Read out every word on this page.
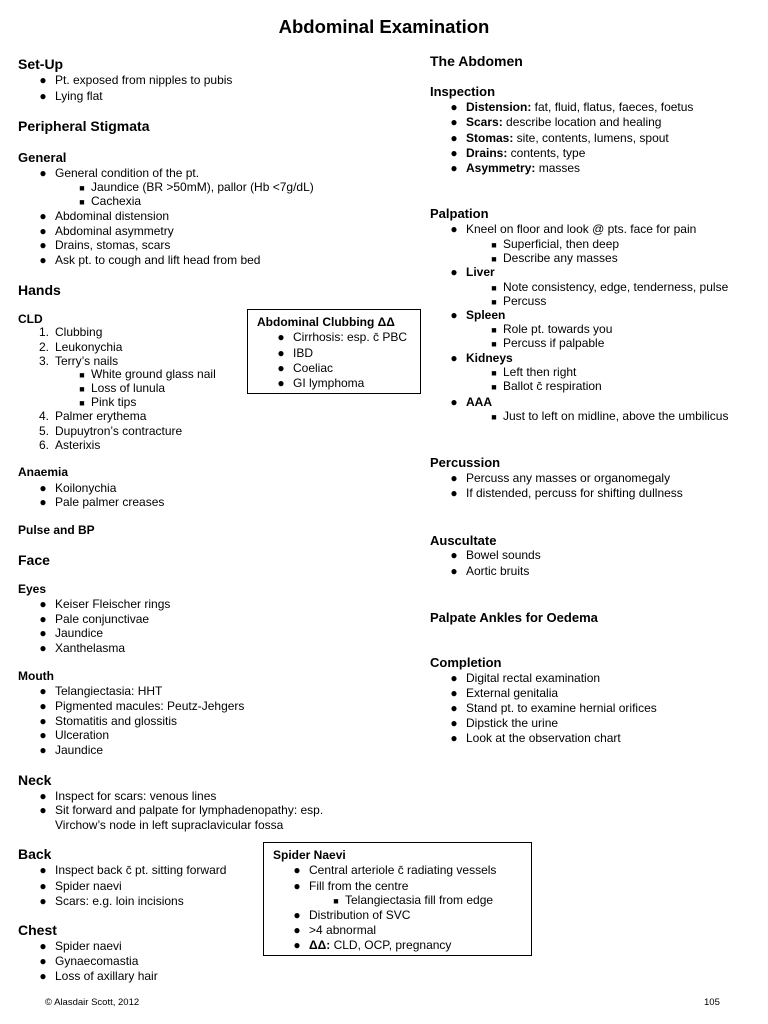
Abdominal Examination
Set-Up
● Pt. exposed from nipples to pubis
● Lying flat
Peripheral Stigmata
General
● General condition of the pt.
■ Jaundice (BR >50mM), pallor (Hb <7g/dL)
■ Cachexia
● Abdominal distension
● Abdominal asymmetry
● Drains, stomas, scars
● Ask pt. to cough and lift head from bed
Hands
CLD
1. Clubbing
2. Leukonychia
3. Terry’s nails
■ White ground glass nail
■ Loss of lunula
■ Pink tips
4. Palmer erythema
5. Dupuytron’s contracture
6. Asterixis
Anaemia
● Koilonychia
● Pale palmer creases
Pulse and BP
Face
Eyes
● Keiser Fleischer rings
● Pale conjunctivae
● Jaundice
● Xanthelasma
Mouth
● Telangiectasia: HHT
● Pigmented macules: Peutz-Jehgers
● Stomatitis and glossitis
● Ulceration
● Jaundice
Neck
● Inspect for scars: venous lines
● Sit forward and palpate for lymphadenopathy: esp.
Virchow’s node in left supraclavicular fossa
Back
● Inspect back c̄ pt. sitting forward
● Spider naevi
● Scars: e.g. loin incisions
Chest
● Spider naevi
● Gynaecomastia
● Loss of axillary hair
Abdominal Clubbing ΔΔ
● Cirrhosis: esp. c̄ PBC
● IBD
● Coeliac
● GI lymphoma
Spider Naevi
● Central arteriole c̄ radiating vessels
● Fill from the centre
■ Telangiectasia fill from edge
● Distribution of SVC
● >4 abnormal
● ΔΔ: CLD, OCP, pregnancy
The Abdomen
Inspection
● Distension: fat, fluid, flatus, faeces, foetus
● Scars: describe location and healing
● Stomas: site, contents, lumens, spout
● Drains: contents, type
● Asymmetry: masses
Palpation
● Kneel on floor and look @ pts. face for pain
■ Superficial, then deep
■ Describe any masses
● Liver
■ Note consistency, edge, tenderness, pulse
■ Percuss
● Spleen
■ Role pt. towards you
■ Percuss if palpable
● Kidneys
■ Left then right
■ Ballot c̄ respiration
● AAA
■ Just to left on midline, above the umbilicus
Percussion
● Percuss any masses or organomegaly
● If distended, percuss for shifting dullness
Auscultate
● Bowel sounds
● Aortic bruits
Palpate Ankles for Oedema
Completion
● Digital rectal examination
● External genitalia
● Stand pt. to examine hernial orifices
● Dipstick the urine
● Look at the observation chart
© Alasdair Scott, 2012	105
